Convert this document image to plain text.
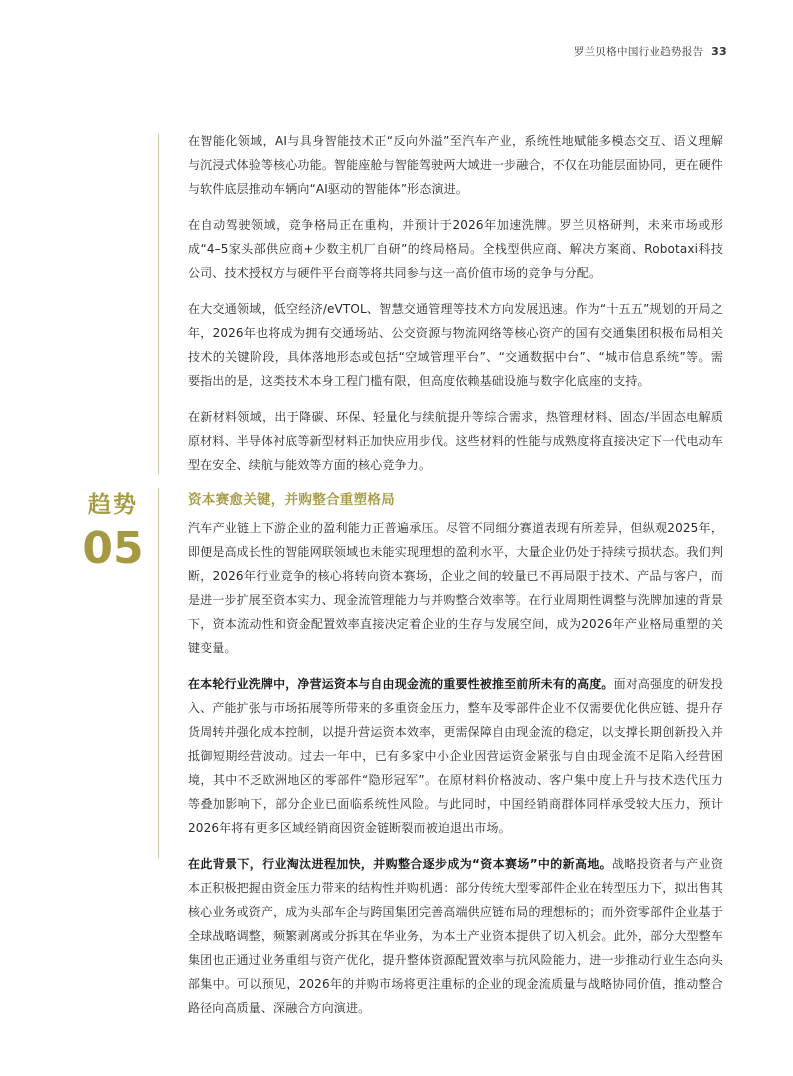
罗兰贝格中国行业趋势报告 33

在智能化领域，AI与具身智能技术正“反向外溢”至汽车产业，系统性地赋能多模态交互、语义理解与沉浸式体验等核心功能。智能座舱与智能驾驶两大域进一步融合，不仅在功能层面协同，更在硬件与软件底层推动车辆向“AI驱动的智能体”形态演进。

在自动驾驶领域，竞争格局正在重构，并预计于2026年加速洗牌。罗兰贝格研判，未来市场或形成“4–5家头部供应商+少数主机厂自研”的终局格局。全栈型供应商、解决方案商、Robotaxi科技公司、技术授权方与硬件平台商等将共同参与这一高价值市场的竞争与分配。

在大交通领域，低空经济/eVTOL、智慧交通管理等技术方向发展迅速。作为“十五五”规划的开局之年，2026年也将成为拥有交通场站、公交资源与物流网络等核心资产的国有交通集团积极布局相关技术的关键阶段，具体落地形态或包括“空域管理平台”、“交通数据中台”、“城市信息系统”等。需要指出的是，这类技术本身工程门槛有限，但高度依赖基础设施与数字化底座的支持。

在新材料领域，出于降碳、环保、轻量化与续航提升等综合需求，热管理材料、固态/半固态电解质原材料、半导体衬底等新型材料正加快应用步伐。这些材料的性能与成熟度将直接决定下一代电动车型在安全、续航与能效等方面的核心竞争力。

趋势
05
资本赛愈关键，并购整合重塑格局

汽车产业链上下游企业的盈利能力正普遍承压。尽管不同细分赛道表现有所差异，但纵观2025年，即便是高成长性的智能网联领域也未能实现理想的盈利水平，大量企业仍处于持续亏损状态。我们判断，2026年行业竞争的核心将转向资本赛场，企业之间的较量已不再局限于技术、产品与客户，而是进一步扩展至资本实力、现金流管理能力与并购整合效率等。在行业周期性调整与洗牌加速的背景下，资本流动性和资金配置效率直接决定着企业的生存与发展空间，成为2026年产业格局重塑的关键变量。

在本轮行业洗牌中，净营运资本与自由现金流的重要性被推至前所未有的高度。面对高强度的研发投入、产能扩张与市场拓展等所带来的多重资金压力，整车及零部件企业不仅需要优化供应链、提升存货周转并强化成本控制，以提升营运资本效率，更需保障自由现金流的稳定，以支撑长期创新投入并抵御短期经营波动。过去一年中，已有多家中小企业因营运资金紧张与自由现金流不足陷入经营困境，其中不乏欧洲地区的零部件“隐形冠军”。在原材料价格波动、客户集中度上升与技术迭代压力等叠加影响下，部分企业已面临系统性风险。与此同时，中国经销商群体同样承受较大压力，预计2026年将有更多区域经销商因资金链断裂而被迫退出市场。

在此背景下，行业淘汰进程加快，并购整合逐步成为“资本赛场”中的新高地。战略投资者与产业资本正积极把握由资金压力带来的结构性并购机遇：部分传统大型零部件企业在转型压力下，拟出售其核心业务或资产，成为头部车企与跨国集团完善高端供应链布局的理想标的；而外资零部件企业基于全球战略调整，频繁剥离或分拆其在华业务，为本土产业资本提供了切入机会。此外，部分大型整车集团也正通过业务重组与资产优化，提升整体资源配置效率与抗风险能力，进一步推动行业生态向头部集中。可以预见，2026年的并购市场将更注重标的企业的现金流质量与战略协同价值，推动整合路径向高质量、深融合方向演进。
